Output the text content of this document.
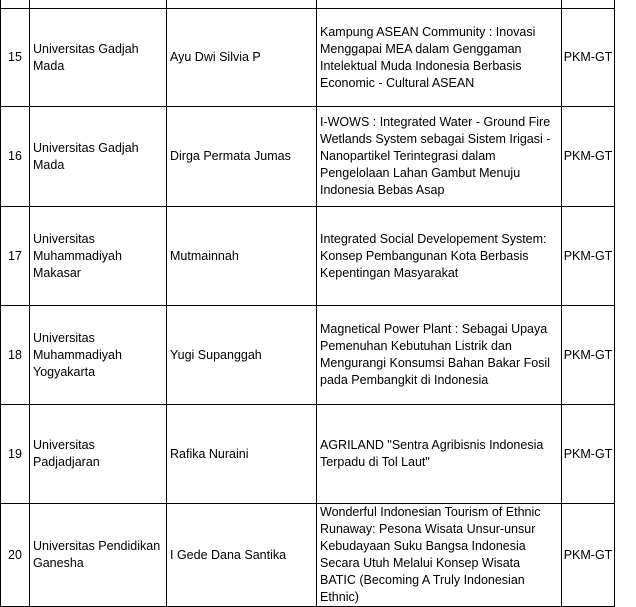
15	Universitas Gadjah Mada	Ayu Dwi Silvia P	Kampung ASEAN Community : Inovasi Menggapai MEA dalam Genggaman Intelektual Muda Indonesia Berbasis Economic - Cultural ASEAN	PKM-GT
16	Universitas Gadjah Mada	Dirga Permata Jumas	I-WOWS : Integrated Water - Ground Fire Wetlands System sebagai Sistem Irigasi - Nanopartikel Terintegrasi dalam Pengelolaan Lahan Gambut Menuju Indonesia Bebas Asap	PKM-GT
17	Universitas Muhammadiyah Makasar	Mutmainnah	Integrated Social Developement System: Konsep Pembangunan Kota Berbasis Kepentingan Masyarakat	PKM-GT
18	Universitas Muhammadiyah Yogyakarta	Yugi Supanggah	Magnetical Power Plant : Sebagai Upaya Pemenuhan Kebutuhan Listrik dan Mengurangi Konsumsi Bahan Bakar Fosil pada Pembangkit di Indonesia	PKM-GT
19	Universitas Padjadjaran	Rafika Nuraini	AGRILAND "Sentra Agribisnis Indonesia Terpadu di Tol Laut"	PKM-GT
20	Universitas Pendidikan Ganesha	I Gede Dana Santika	Wonderful Indonesian Tourism of Ethnic Runaway: Pesona Wisata Unsur-unsur Kebudayaan Suku Bangsa Indonesia Secara Utuh Melalui Konsep Wisata BATIC (Becoming A Truly Indonesian Ethnic)	PKM-GT
